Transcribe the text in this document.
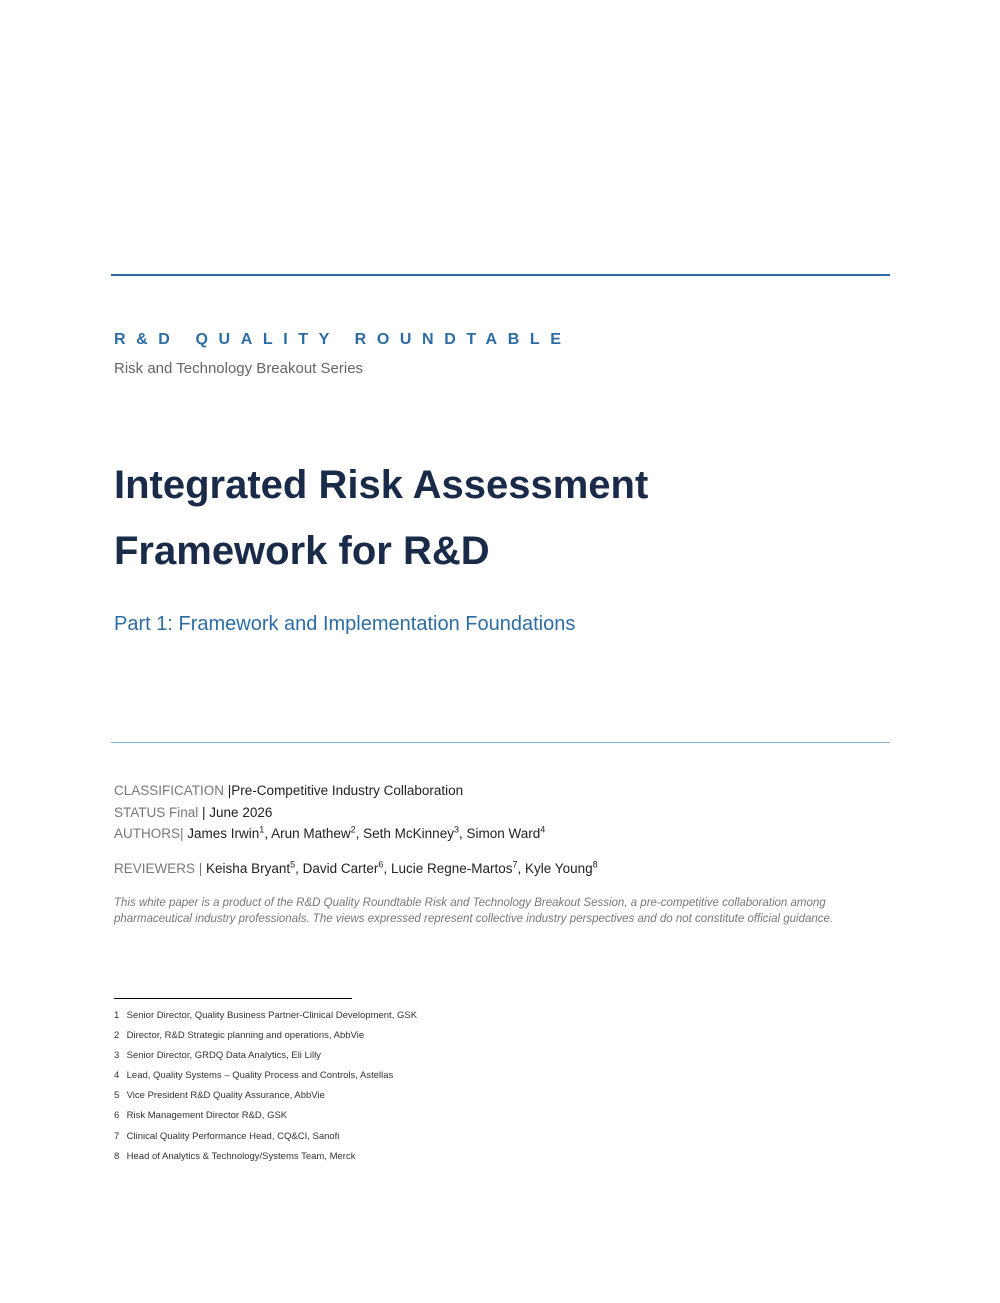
R&D QUALITY ROUNDTABLE
Risk and Technology Breakout Series
Integrated Risk Assessment
Framework for R&D
Part 1: Framework and Implementation Foundations
CLASSIFICATION |Pre-Competitive Industry Collaboration
STATUS Final | June 2026
AUTHORS| James Irwin$^1$, Arun Mathew$^2$, Seth McKinney$^3$, Simon Ward$^4$
REVIEWERS | Keisha Bryant$^5$, David Carter$^6$, Lucie Regne-Martos$^7$, Kyle Young$^8$
This white paper is a product of the R&D Quality Roundtable Risk and Technology Breakout Session, a pre-competitive collaboration among pharmaceutical industry professionals. The views expressed represent collective industry perspectives and do not constitute official guidance.
1 Senior Director, Quality Business Partner-Clinical Development, GSK
2 Director, R&D Strategic planning and operations, AbbVie
3 Senior Director, GRDQ Data Analytics, Eli Lilly
4 Lead, Quality Systems – Quality Process and Controls, Astellas
5 Vice President R&D Quality Assurance, AbbVie
6 Risk Management Director R&D, GSK
7 Clinical Quality Performance Head, CQ&CI, Sanofi
8 Head of Analytics & Technology/Systems Team, Merck
